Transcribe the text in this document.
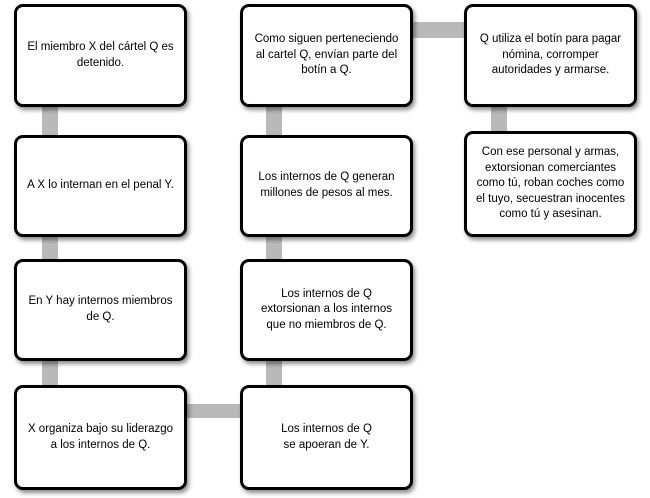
El miembro X del cártel Q es detenido.
A X lo internan en el penal Y.
En Y hay internos miembros de Q.
X organiza bajo su liderazgo a los internos de Q.
Los internos de Q
se apoeran de Y.
Los internos de Q extorsionan a los internos que no miembros de Q.
Los internos de Q generan millones de pesos al mes.
Como siguen perteneciendo al cartel Q, envían parte del botín a Q.
Q utiliza el botín para pagar nómina, corromper autoridades y armarse.
Con ese personal y armas, extorsionan comerciantes como tú, roban coches como el tuyo, secuestran inocentes como tú y asesinan.
